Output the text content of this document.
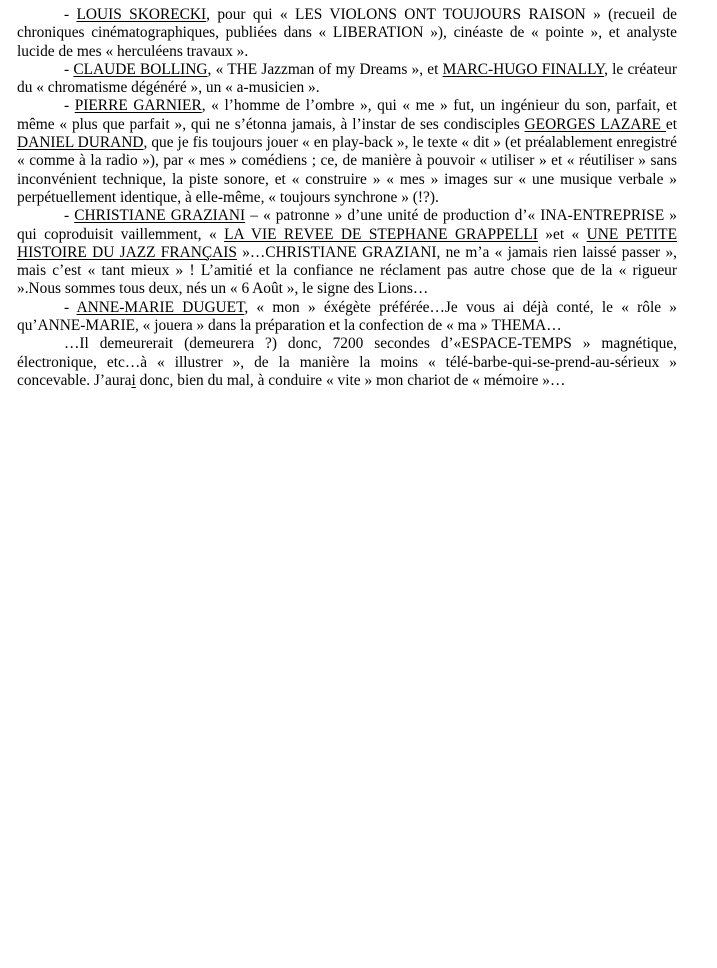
- LOUIS SKORECKI, pour qui « LES VIOLONS ONT TOUJOURS RAISON » (recueil de chroniques cinématographiques, publiées dans « LIBERATION »), cinéaste de « pointe », et analyste lucide de mes « herculéens travaux ».

- CLAUDE BOLLING, « THE Jazzman of my Dreams », et MARC-HUGO FINALLY, le créateur du « chromatisme dégénéré », un « a-musicien ».

- PIERRE GARNIER, « l’homme de l’ombre », qui « me » fut, un ingénieur du son, parfait, et même « plus que parfait », qui ne s’étonna jamais, à l’instar de ses condisciples GEORGES LAZARE et DANIEL DURAND, que je fis toujours jouer « en play-back », le texte « dit » (et préalablement enregistré « comme à la radio »), par « mes » comédiens ; ce, de manière à pouvoir « utiliser » et « réutiliser » sans inconvénient technique, la piste sonore, et « construire » « mes » images sur « une musique verbale » perpétuellement identique, à elle-même, « toujours synchrone » (!?).

- CHRISTIANE GRAZIANI – « patronne » d’une unité de production d’« INA-ENTREPRISE » qui coproduisit vaillemment, « LA VIE REVEE DE STEPHANE GRAPPELLI »et « UNE PETITE HISTOIRE DU JAZZ FRANÇAIS »…CHRISTIANE GRAZIANI, ne m’a « jamais rien laissé passer », mais c’est « tant mieux » ! L’amitié et la confiance ne réclament pas autre chose que de la « rigueur ».Nous sommes tous deux, nés un « 6 Août », le signe des Lions…

- ANNE-MARIE DUGUET, « mon » éxégète préférée…Je vous ai déjà conté, le « rôle » qu’ANNE-MARIE, « jouera » dans la préparation et la confection de « ma » THEMA…

…Il demeurerait (demeurera ?) donc, 7200 secondes d’«ESPACE-TEMPS » magnétique, électronique, etc…à « illustrer », de la manière la moins « télé-barbe-qui-se-prend-au-sérieux » concevable. J’aurai donc, bien du mal, à conduire « vite » mon chariot de « mémoire »…
